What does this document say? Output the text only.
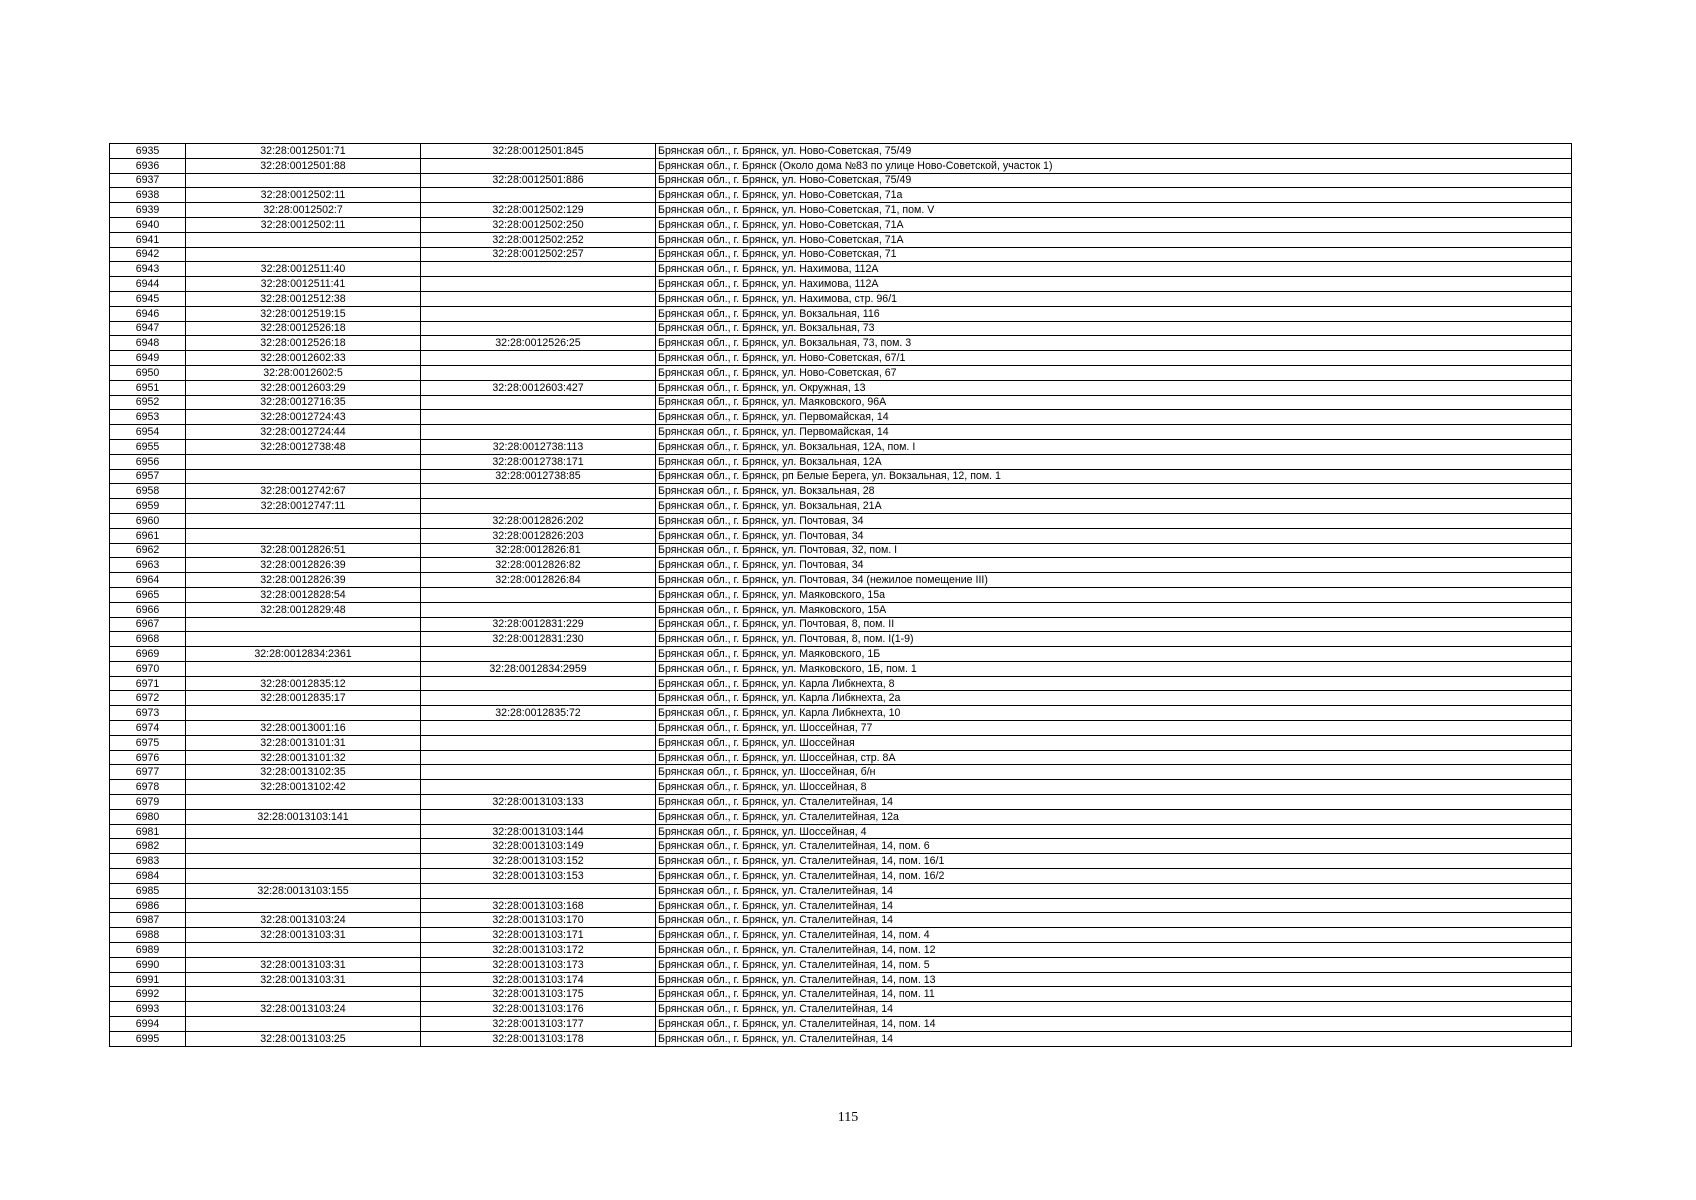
6935	32:28:0012501:71	32:28:0012501:845	Брянская обл., г. Брянск, ул. Ново-Советская, 75/49
6936	32:28:0012501:88		Брянская обл., г. Брянск (Около дома №83 по улице Ново-Советской, участок 1)
6937		32:28:0012501:886	Брянская обл., г. Брянск, ул. Ново-Советская, 75/49
6938	32:28:0012502:11		Брянская обл., г. Брянск, ул. Ново-Советская, 71а
6939	32:28:0012502:7	32:28:0012502:129	Брянская обл., г. Брянск, ул. Ново-Советская, 71, пом. V
6940	32:28:0012502:11	32:28:0012502:250	Брянская обл., г. Брянск, ул. Ново-Советская, 71А
6941		32:28:0012502:252	Брянская обл., г. Брянск, ул. Ново-Советская, 71А
6942		32:28:0012502:257	Брянская обл., г. Брянск, ул. Ново-Советская, 71
6943	32:28:0012511:40		Брянская обл., г. Брянск, ул. Нахимова, 112А
6944	32:28:0012511:41		Брянская обл., г. Брянск, ул. Нахимова, 112А
6945	32:28:0012512:38		Брянская обл., г. Брянск, ул. Нахимова, стр. 96/1
6946	32:28:0012519:15		Брянская обл., г. Брянск, ул. Вокзальная, 116
6947	32:28:0012526:18		Брянская обл., г. Брянск, ул. Вокзальная, 73
6948	32:28:0012526:18	32:28:0012526:25	Брянская обл., г. Брянск, ул. Вокзальная, 73, пом. 3
6949	32:28:0012602:33		Брянская обл., г. Брянск, ул. Ново-Советская, 67/1
6950	32:28:0012602:5		Брянская обл., г. Брянск, ул. Ново-Советская, 67
6951	32:28:0012603:29	32:28:0012603:427	Брянская обл., г. Брянск, ул. Окружная, 13
6952	32:28:0012716:35		Брянская обл., г. Брянск, ул. Маяковского, 96А
6953	32:28:0012724:43		Брянская обл., г. Брянск, ул. Первомайская, 14
6954	32:28:0012724:44		Брянская обл., г. Брянск, ул. Первомайская, 14
6955	32:28:0012738:48	32:28:0012738:113	Брянская обл., г. Брянск, ул. Вокзальная, 12А, пом. I
6956		32:28:0012738:171	Брянская обл., г. Брянск, ул. Вокзальная, 12А
6957		32:28:0012738:85	Брянская обл., г. Брянск, рп Белые Берега, ул. Вокзальная, 12, пом. 1
6958	32:28:0012742:67		Брянская обл., г. Брянск, ул. Вокзальная, 28
6959	32:28:0012747:11		Брянская обл., г. Брянск, ул. Вокзальная, 21А
6960		32:28:0012826:202	Брянская обл., г. Брянск, ул. Почтовая, 34
6961		32:28:0012826:203	Брянская обл., г. Брянск, ул. Почтовая, 34
6962	32:28:0012826:51	32:28:0012826:81	Брянская обл., г. Брянск, ул. Почтовая, 32, пом. I
6963	32:28:0012826:39	32:28:0012826:82	Брянская обл., г. Брянск, ул. Почтовая, 34
6964	32:28:0012826:39	32:28:0012826:84	Брянская обл., г. Брянск, ул. Почтовая, 34 (нежилое помещение III)
6965	32:28:0012828:54		Брянская обл., г. Брянск, ул. Маяковского, 15а
6966	32:28:0012829:48		Брянская обл., г. Брянск, ул. Маяковского, 15А
6967		32:28:0012831:229	Брянская обл., г. Брянск, ул. Почтовая, 8, пом. II
6968		32:28:0012831:230	Брянская обл., г. Брянск, ул. Почтовая, 8, пом. I(1-9)
6969	32:28:0012834:2361		Брянская обл., г. Брянск, ул. Маяковского, 1Б
6970		32:28:0012834:2959	Брянская обл., г. Брянск, ул. Маяковского, 1Б, пом. 1
6971	32:28:0012835:12		Брянская обл., г. Брянск, ул. Карла Либкнехта, 8
6972	32:28:0012835:17		Брянская обл., г. Брянск, ул. Карла Либкнехта, 2а
6973		32:28:0012835:72	Брянская обл., г. Брянск, ул. Карла Либкнехта, 10
6974	32:28:0013001:16		Брянская обл., г. Брянск, ул. Шоссейная, 77
6975	32:28:0013101:31		Брянская обл., г. Брянск, ул. Шоссейная
6976	32:28:0013101:32		Брянская обл., г. Брянск, ул. Шоссейная, стр. 8А
6977	32:28:0013102:35		Брянская обл., г. Брянск, ул. Шоссейная, б/н
6978	32:28:0013102:42		Брянская обл., г. Брянск, ул. Шоссейная, 8
6979		32:28:0013103:133	Брянская обл., г. Брянск, ул. Сталелитейная, 14
6980	32:28:0013103:141		Брянская обл., г. Брянск, ул. Сталелитейная, 12а
6981		32:28:0013103:144	Брянская обл., г. Брянск, ул. Шоссейная, 4
6982		32:28:0013103:149	Брянская обл., г. Брянск, ул. Сталелитейная, 14, пом. 6
6983		32:28:0013103:152	Брянская обл., г. Брянск, ул. Сталелитейная, 14, пом. 16/1
6984		32:28:0013103:153	Брянская обл., г. Брянск, ул. Сталелитейная, 14, пом. 16/2
6985	32:28:0013103:155		Брянская обл., г. Брянск, ул. Сталелитейная, 14
6986		32:28:0013103:168	Брянская обл., г. Брянск, ул. Сталелитейная, 14
6987	32:28:0013103:24	32:28:0013103:170	Брянская обл., г. Брянск, ул. Сталелитейная, 14
6988	32:28:0013103:31	32:28:0013103:171	Брянская обл., г. Брянск, ул. Сталелитейная, 14, пом. 4
6989		32:28:0013103:172	Брянская обл., г. Брянск, ул. Сталелитейная, 14, пом. 12
6990	32:28:0013103:31	32:28:0013103:173	Брянская обл., г. Брянск, ул. Сталелитейная, 14, пом. 5
6991	32:28:0013103:31	32:28:0013103:174	Брянская обл., г. Брянск, ул. Сталелитейная, 14, пом. 13
6992		32:28:0013103:175	Брянская обл., г. Брянск, ул. Сталелитейная, 14, пом. 11
6993	32:28:0013103:24	32:28:0013103:176	Брянская обл., г. Брянск, ул. Сталелитейная, 14
6994		32:28:0013103:177	Брянская обл., г. Брянск, ул. Сталелитейная, 14, пом. 14
6995	32:28:0013103:25	32:28:0013103:178	Брянская обл., г. Брянск, ул. Сталелитейная, 14
115
